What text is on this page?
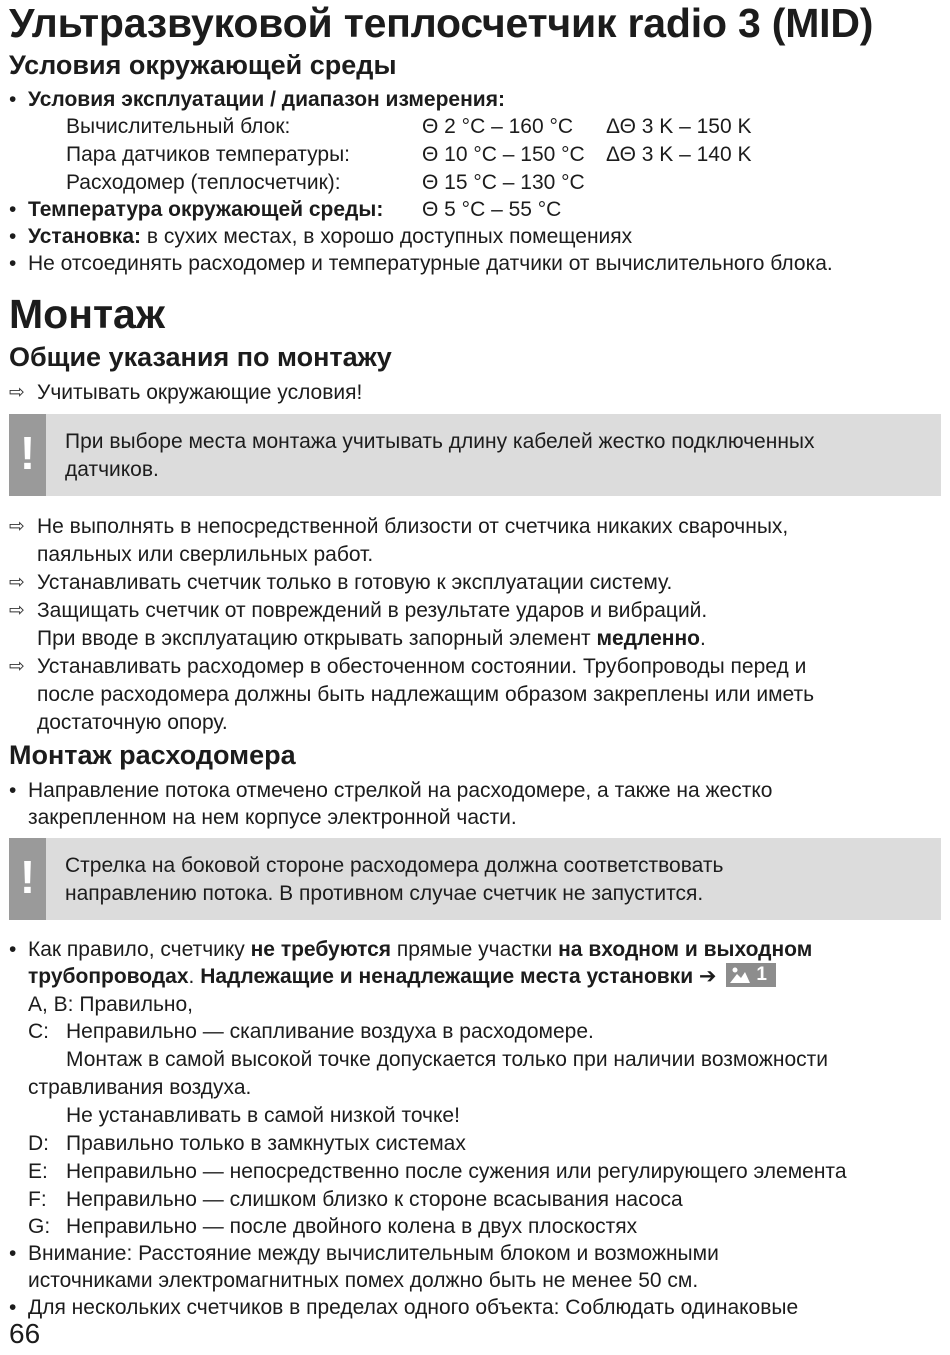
Ультразвуковой теплосчетчик radio 3 (MID)
Условия окружающей среды
• Условия эксплуатации / диапазон измерения:
Вычислительный блок:	Θ 2 °C – 160 °C ΔΘ 3 K – 150 K
Пара датчиков температуры:	Θ 10 °C – 150 °C ΔΘ 3 K – 140 K
Расходомер (теплосчетчик):	Θ 15 °C – 130 °C
• Температура окружающей среды: Θ 5 °C – 55 °C
• Установка: в сухих местах, в хорошо доступных помещениях
• Не отсоединять расходомер и температурные датчики от вычислительного блока.
Монтаж
Общие указания по монтажу
⇨ Учитывать окружающие условия!
!	При выборе места монтажа учитывать длину кабелей жестко подключенных
датчиков.
⇨ Не выполнять в непосредственной близости от счетчика никаких сварочных,
паяльных или сверлильных работ.
⇨ Устанавливать счетчик только в готовую к эксплуатации систему.
⇨ Защищать счетчик от повреждений в результате ударов и вибраций.
При вводе в эксплуатацию открывать запорный элемент медленно.
⇨ Устанавливать расходомер в обесточенном состоянии. Трубопроводы перед и
после расходомера должны быть надлежащим образом закреплены или иметь
достаточную опору.
Монтаж расходомера
• Направление потока отмечено стрелкой на расходомере, а также на жестко
закрепленном на нем корпусе электронной части.
!	Стрелка на боковой стороне расходомера должна соответствовать
направлению потока. В противном случае счетчик не запустится.
• Как правило, счетчику не требуются прямые участки на входном и выходном
трубопроводах. Надлежащие и ненадлежащие места установки ➔ 1
A, B: Правильно,
C: Неправильно — скапливание воздуха в расходомере.
Монтаж в самой высокой точке допускается только при наличии возможности
стравливания воздуха.
Не устанавливать в самой низкой точке!
D: Правильно только в замкнутых системах
E: Неправильно — непосредственно после сужения или регулирующего элемента
F: Неправильно — слишком близко к стороне всасывания насоса
G: Неправильно — после двойного колена в двух плоскостях
• Внимание: Расстояние между вычислительным блоком и возможными
источниками электромагнитных помех должно быть не менее 50 см.
• Для нескольких счетчиков в пределах одного объекта: Соблюдать одинаковые
66
